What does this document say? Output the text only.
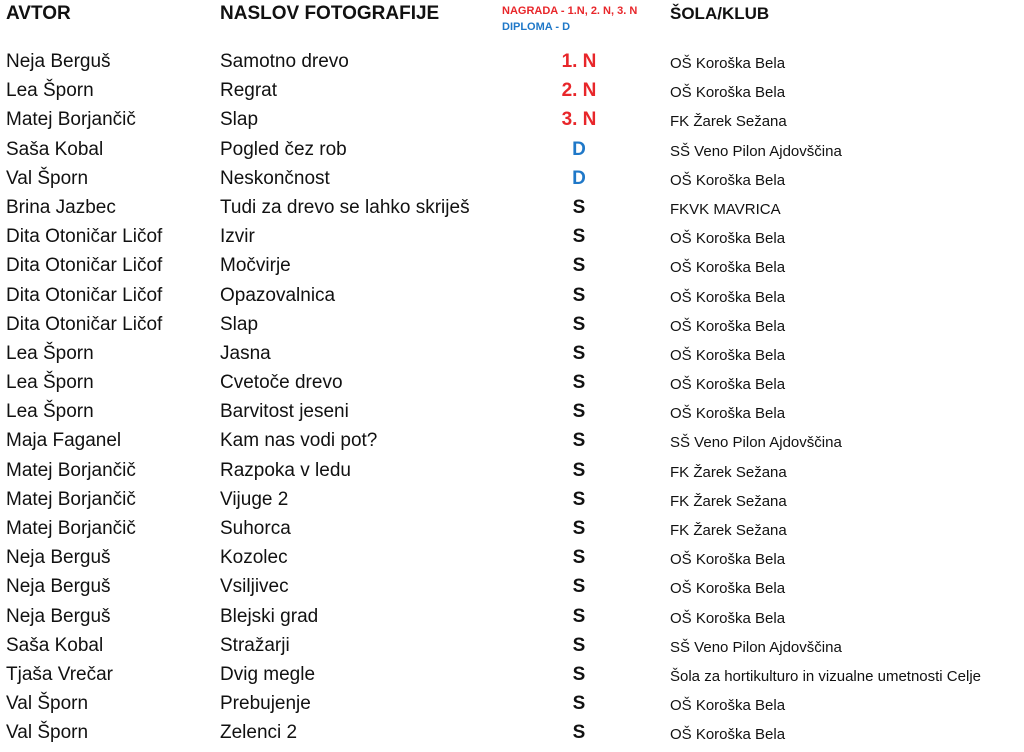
AVTOR	NASLOV FOTOGRAFIJE	NAGRADA - 1.N, 2. N, 3. N
DIPLOMA - D
ŠOLA/KLUB
Neja Berguš	Samotno drevo	1. N	OŠ Koroška Bela
Lea Šporn	Regrat	2. N	OŠ Koroška Bela
Matej Borjančič	Slap	3. N	FK Žarek Sežana
Saša Kobal	Pogled čez rob	D	SŠ Veno Pilon Ajdovščina
Val Šporn	Neskončnost	D	OŠ Koroška Bela
Brina Jazbec	Tudi za drevo se lahko skriješ	S	FKVK MAVRICA
Dita Otoničar Ličof	Izvir	S	OŠ Koroška Bela
Dita Otoničar Ličof	Močvirje	S	OŠ Koroška Bela
Dita Otoničar Ličof	Opazovalnica	S	OŠ Koroška Bela
Dita Otoničar Ličof	Slap	S	OŠ Koroška Bela
Lea Šporn	Jasna	S	OŠ Koroška Bela
Lea Šporn	Cvetoče drevo	S	OŠ Koroška Bela
Lea Šporn	Barvitost jeseni	S	OŠ Koroška Bela
Maja Faganel	Kam nas vodi pot?	S	SŠ Veno Pilon Ajdovščina
Matej Borjančič	Razpoka v ledu	S	FK Žarek Sežana
Matej Borjančič	Vijuge 2	S	FK Žarek Sežana
Matej Borjančič	Suhorca	S	FK Žarek Sežana
Neja Berguš	Kozolec	S	OŠ Koroška Bela
Neja Berguš	Vsiljivec	S	OŠ Koroška Bela
Neja Berguš	Blejski grad	S	OŠ Koroška Bela
Saša Kobal	Stražarji	S	SŠ Veno Pilon Ajdovščina
Tjaša Vrečar	Dvig megle	S	Šola za hortikulturo in vizualne umetnosti Celje
Val Šporn	Prebujenje	S	OŠ Koroška Bela
Val Šporn	Zelenci 2	S	OŠ Koroška Bela
